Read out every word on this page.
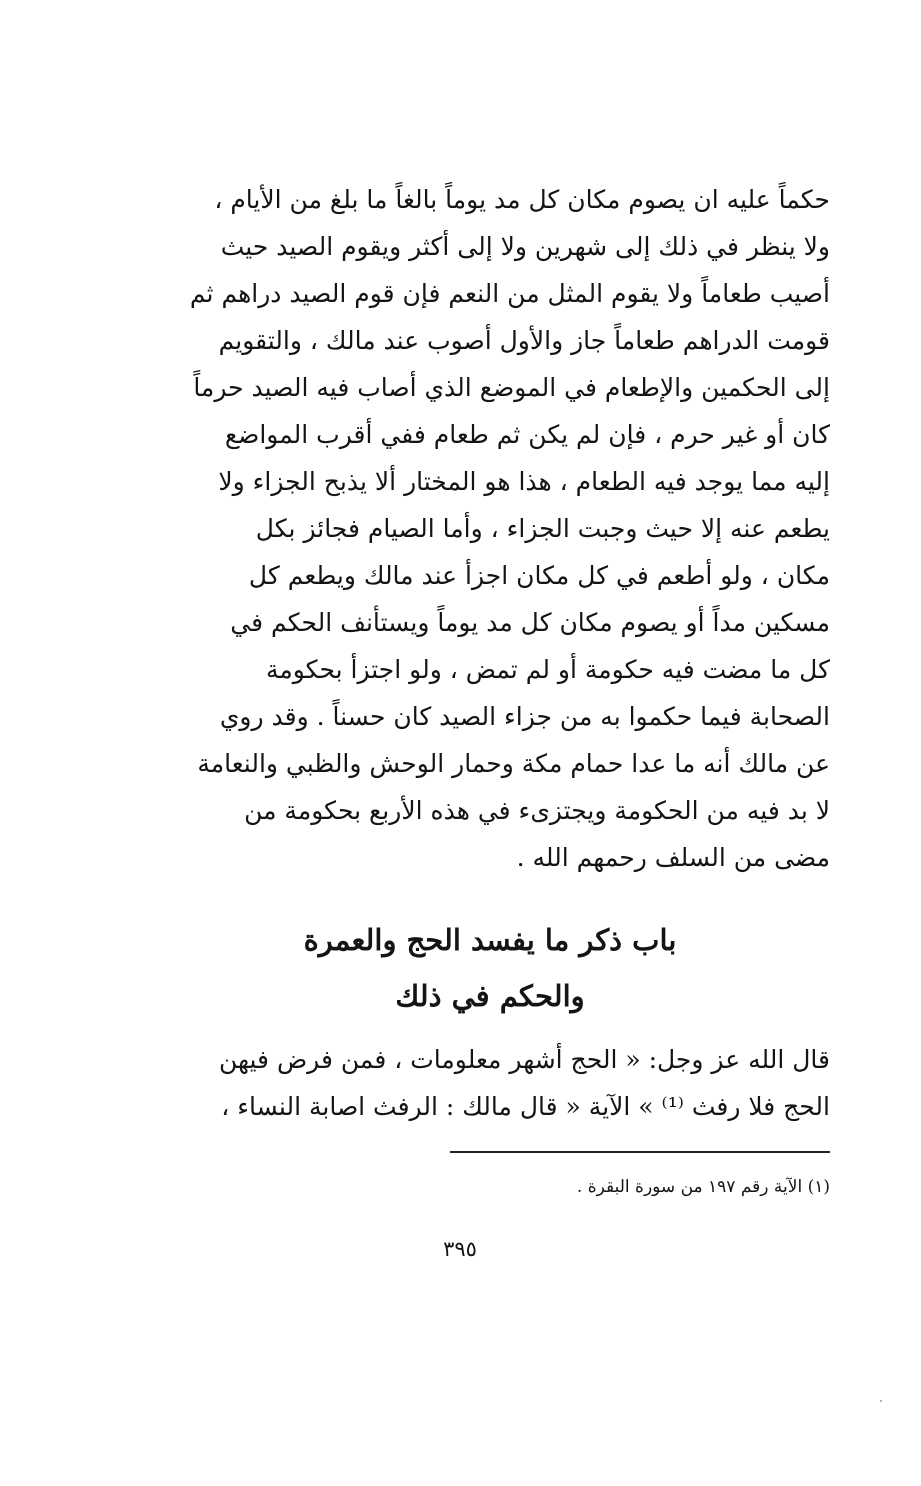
حكماً عليه ان يصوم مكان كل مد يوماً بالغاً ما بلغ من الأيام ،
ولا ينظر في ذلك إلى شهرين ولا إلى أكثر ويقوم الصيد حيث
أصيب طعاماً ولا يقوم المثل من النعم فإن قوم الصيد دراهم ثم
قومت الدراهم طعاماً جاز والأول أصوب عند مالك ، والتقويم
إلى الحكمين والإطعام في الموضع الذي أصاب فيه الصيد حرماً
كان أو غير حرم ، فإن لم يكن ثم طعام ففي أقرب المواضع
إليه مما يوجد فيه الطعام ، هذا هو المختار ألا يذبح الجزاء ولا
يطعم عنه إلا حيث وجبت الجزاء ، وأما الصيام فجائز بكل
مكان ، ولو أطعم في كل مكان اجزأ عند مالك ويطعم كل
مسكين مداً أو يصوم مكان كل مد يوماً ويستأنف الحكم في
كل ما مضت فيه حكومة أو لم تمض ، ولو اجتزأ بحكومة
الصحابة فيما حكموا به من جزاء الصيد كان حسناً . وقد روي
عن مالك أنه ما عدا حمام مكة وحمار الوحش والظبي والنعامة
لا بد فيه من الحكومة ويجتزىء في هذه الأربع بحكومة من
مضى من السلف رحمهم الله .
باب ذكر ما يفسد الحج والعمرة
والحكم في ذلك
قال الله عز وجل: « الحج أشهر معلومات ، فمن فرض فيهن
الحج فلا رفث ⁽¹⁾ » الآية « قال مالك : الرفث اصابة النساء ،
(١) الآية رقم ١٩٧ من سورة البقرة .
٣٩٥
